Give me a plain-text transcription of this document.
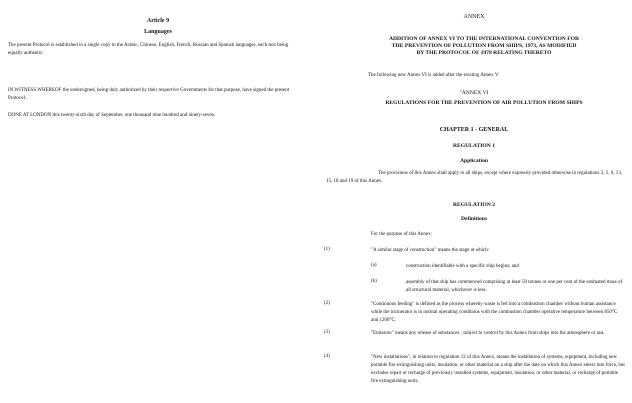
Article 9

Languages

The present Protocol is established in a single copy in the Arabic, Chinese, English, French, Russian and Spanish languages, each text being equally authentic.

IN WITNESS WHEREOF the undersigned, being duly authorized by their respective Governments for that purpose, have signed the present Protocol.

DONE AT LONDON this twenty-sixth day of September, one thousand nine hundred and ninety-seven.

ANNEX

ADDITION OF ANNEX VI TO THE INTERNATIONAL CONVENTION FOR
THE PREVENTION OF POLLUTION FROM SHIPS, 1973, AS MODIFIED
BY THE PROTOCOL OF 1978 RELATING THERETO

The following new Annex VI is added after the existing Annex V:

"ANNEX VI

REGULATIONS FOR THE PREVENTION OF AIR POLLUTION FROM SHIPS

CHAPTER 1 - GENERAL

REGULATION 1

Application

The provisions of this Annex shall apply to all ships, except where expressly provided otherwise in regulations 3, 5, 6, 13, 15, 18 and 19 of this Annex.

REGULATION 2

Definitions

For the purpose of this Annex:

(1)	"A similar stage of construction" means the stage at which:

(a)	construction identifiable with a specific ship begins; and

(b)	assembly of that ship has commenced comprising at least 50 tonnes or one per cent of the estimated mass of all structural material, whichever is less.

(2)	"Continuous feeding" is defined as the process whereby waste is fed into a combustion chamber without human assistance while the incinerator is in normal operating conditions with the combustion chamber operative temperature between 850°C and 1200°C.

(3)	"Emission" means any release of substances , subject to control by this Annex from ships into the atmosphere or sea.

(4)	"New installations", in relation to regulation 12 of this Annex, means the installation of systems, equipment, including new portable fire extinguishing units, insulation, or other material on a ship after the date on which this Annex enters into force, but excludes repair or recharge of previously installed systems, equipment, insulation, or other material, or recharge of portable fire extinguishing units.
